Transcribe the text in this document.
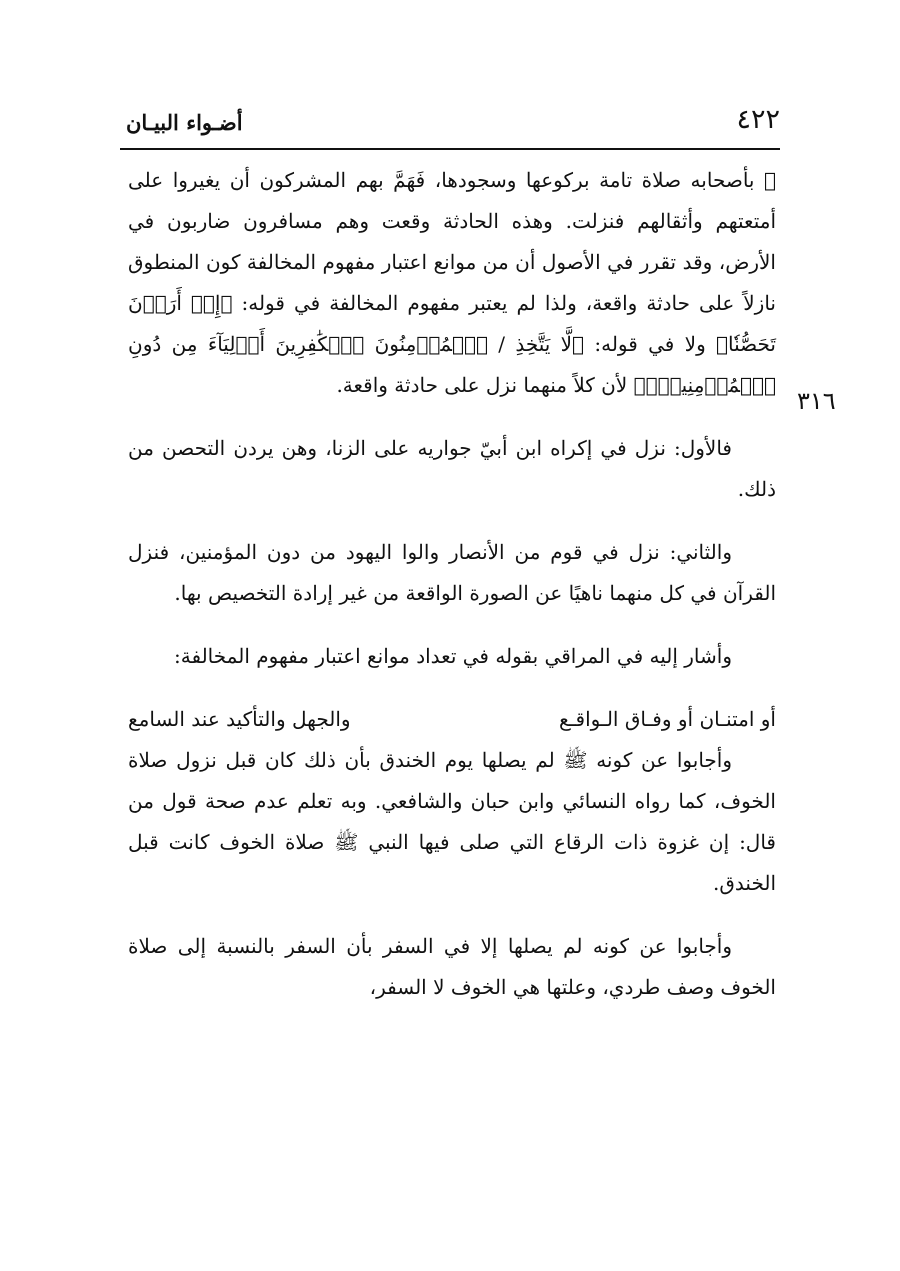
٤٢٢
أضـواء البيـان
٣١٦

ﷺ بأصحابه صلاة تامة بركوعها وسجودها، فَهَمَّ بهم المشركون أن يغيروا على أمتعتهم وأثقالهم فنزلت. وهذه الحادثة وقعت وهم مسافرون ضاربون في الأرض، وقد تقرر في الأصول أن من موانع اعتبار مفهوم المخالفة كون المنطوق نازلاً على حادثة واقعة، ولذا لم يعتبر مفهوم المخالفة في قوله: ﴿إِنۡ أَرَدۡنَ تَحَصُّنٗا﴾ ولا في قوله: ﴿لَّا يَتَّخِذِ / ٱلۡمُؤۡمِنُونَ ٱلۡكَٰفِرِينَ أَوۡلِيَآءَ مِن دُونِ ٱلۡمُؤۡمِنِينَۖ﴾ لأن كلاً منهما نزل على حادثة واقعة.

فالأول: نزل في إكراه ابن أبيّ جواريه على الزنا، وهن يردن التحصن من ذلك.

والثاني: نزل في قوم من الأنصار والوا اليهود من دون المؤمنين، فنزل القرآن في كل منهما ناهيًا عن الصورة الواقعة من غير إرادة التخصيص بها.

وأشار إليه في المراقي بقوله في تعداد موانع اعتبار مفهوم المخالفة:

أو امتنـان أو وفـاق الـواقـع
والجهل والتأكيد عند السامع

وأجابوا عن كونه ﷺ لم يصلها يوم الخندق بأن ذلك كان قبل نزول صلاة الخوف، كما رواه النسائي وابن حبان والشافعي. وبه تعلم عدم صحة قول من قال: إن غزوة ذات الرقاع التي صلى فيها النبي ﷺ صلاة الخوف كانت قبل الخندق.

وأجابوا عن كونه لم يصلها إلا في السفر بأن السفر بالنسبة إلى صلاة الخوف وصف طردي، وعلتها هي الخوف لا السفر،
